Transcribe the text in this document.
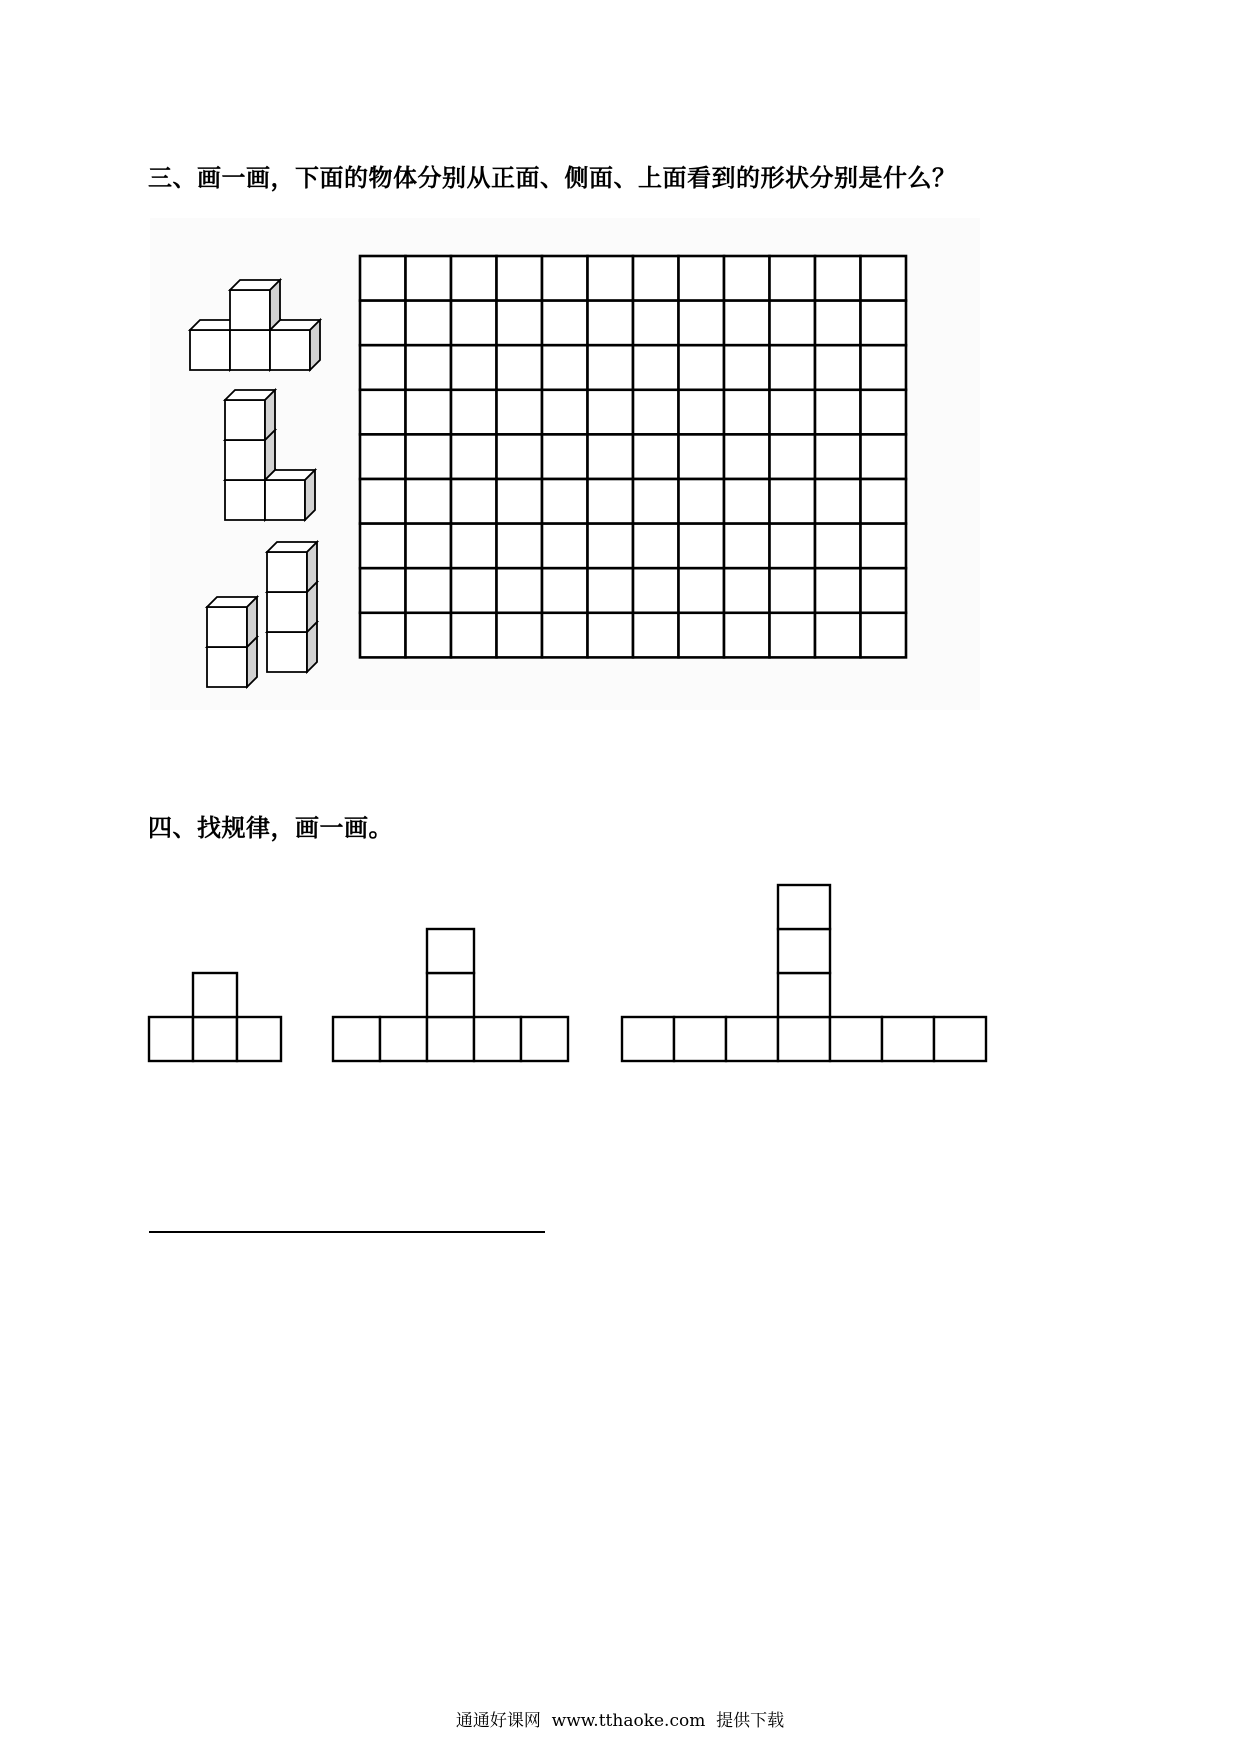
三、画一画，下面的物体分别从正面、侧面、上面看到的形状分别是什么？
四、找规律，画一画。
通通好课网  www.tthaoke.com  提供下载
